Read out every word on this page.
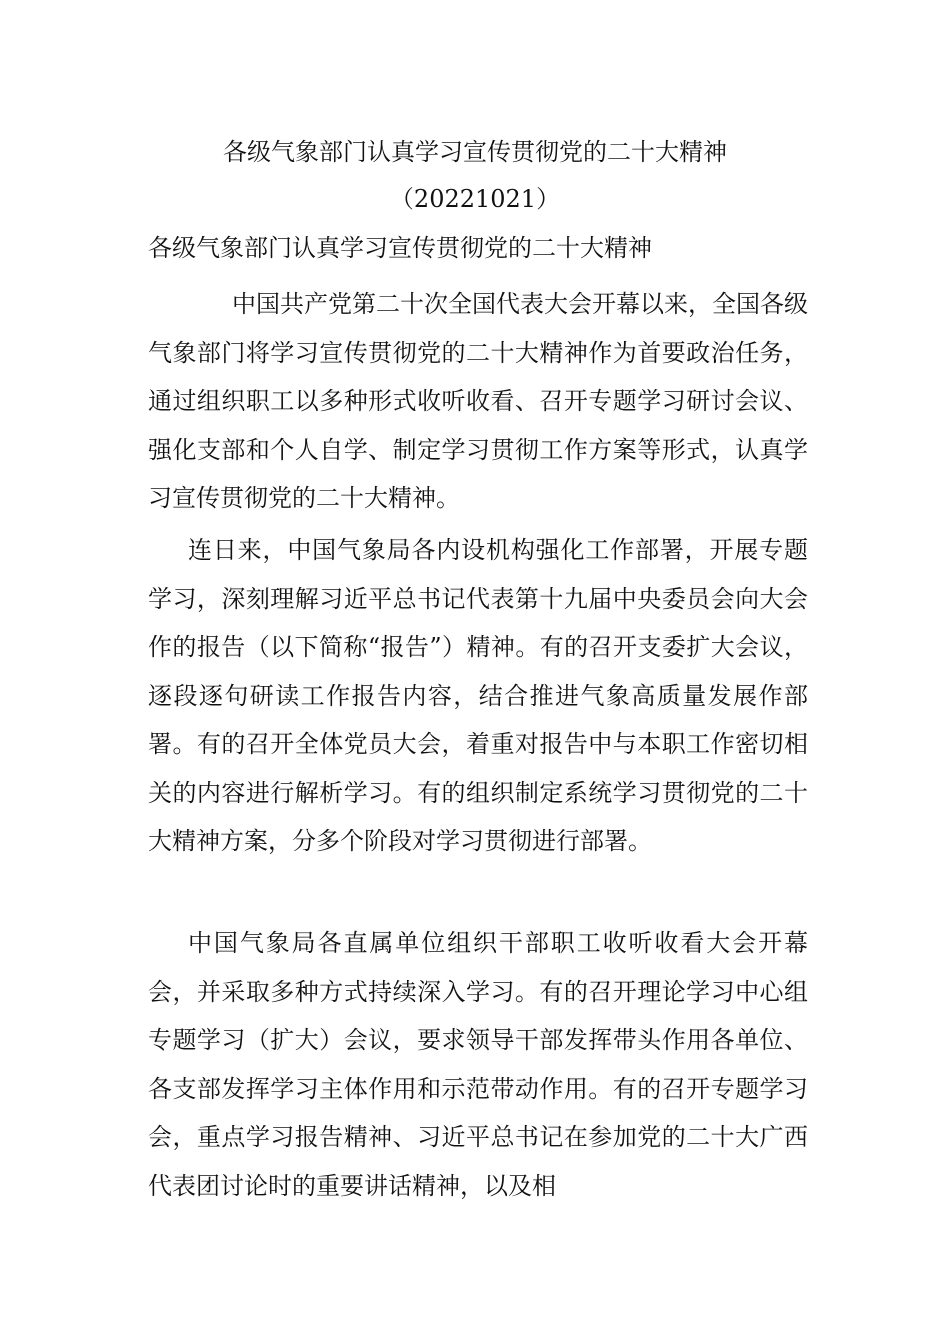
各级气象部门认真学习宣传贯彻党的二十大精神
（20221021）
各级气象部门认真学习宣传贯彻党的二十大精神

中国共产党第二十次全国代表大会开幕以来，全国各级气象部门将学习宣传贯彻党的二十大精神作为首要政治任务，通过组织职工以多种形式收听收看、召开专题学习研讨会议、强化支部和个人自学、制定学习贯彻工作方案等形式，认真学习宣传贯彻党的二十大精神。

连日来，中国气象局各内设机构强化工作部署，开展专题学习，深刻理解习近平总书记代表第十九届中央委员会向大会作的报告（以下简称“报告”）精神。有的召开支委扩大会议，逐段逐句研读工作报告内容，结合推进气象高质量发展作部署。有的召开全体党员大会，着重对报告中与本职工作密切相关的内容进行解析学习。有的组织制定系统学习贯彻党的二十大精神方案，分多个阶段对学习贯彻进行部署。

中国气象局各直属单位组织干部职工收听收看大会开幕会，并采取多种方式持续深入学习。有的召开理论学习中心组专题学习（扩大）会议，要求领导干部发挥带头作用各单位、各支部发挥学习主体作用和示范带动作用。有的召开专题学习会，重点学习报告精神、习近平总书记在参加党的二十大广西代表团讨论时的重要讲话精神，以及相
